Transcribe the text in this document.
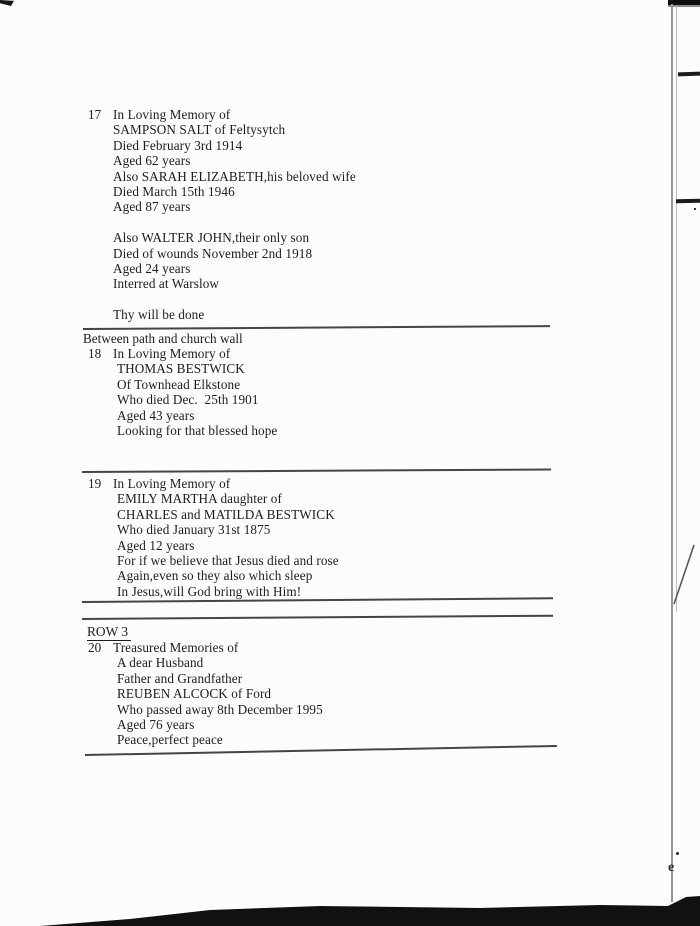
e
17 In Loving Memory of
SAMPSON SALT of Feltysytch
Died February 3rd 1914
Aged 62 years
Also SARAH ELIZABETH,his beloved wife
Died March 15th 1946
Aged 87 years
Also WALTER JOHN,their only son
Died of wounds November 2nd 1918
Aged 24 years
Interred at Warslow
Thy will be done
Between path and church wall
18 In Loving Memory of
THOMAS BESTWICK
Of Townhead Elkstone
Who died Dec.  25th 1901
Aged 43 years
Looking for that blessed hope
19 In Loving Memory of
EMILY MARTHA daughter of
CHARLES and MATILDA BESTWICK
Who died January 31st 1875
Aged 12 years
For if we believe that Jesus died and rose
Again,even so they also which sleep
In Jesus,will God bring with Him!
ROW 3
20 Treasured Memories of
A dear Husband
Father and Grandfather
REUBEN ALCOCK of Ford
Who passed away 8th December 1995
Aged 76 years
Peace,perfect peace
